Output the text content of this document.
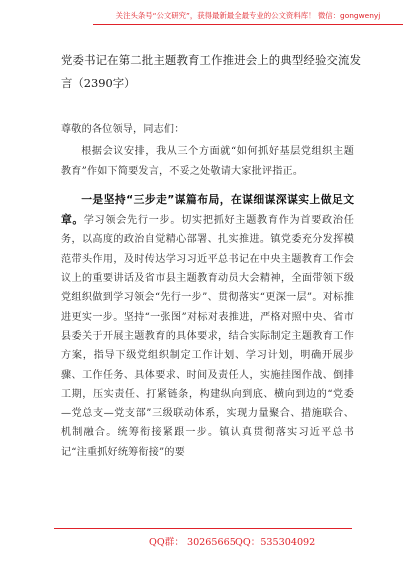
关注头条号“公文研究”，获得最新最全最专业的公文资料库！ 微信：gongwenyj
党委书记在第二批主题教育工作推进会上的典型经验交流发言（2390字）

尊敬的各位领导，同志们：

根据会议安排，我从三个方面就“如何抓好基层党组织主题教育”作如下简要发言，不妥之处敬请大家批评指正。

一是坚持“三步走”谋篇布局，在谋细谋深谋实上做足文章。学习领会先行一步。切实把抓好主题教育作为首要政治任务，以高度的政治自觉精心部署、扎实推进。镇党委充分发挥模范带头作用，及时传达学习习近平总书记在中央主题教育工作会议上的重要讲话及省市县主题教育动员大会精神，全面带领下级党组织做到学习领会“先行一步”、贯彻落实“更深一层”。对标推进更实一步。坚持“一张图”对标对表推进，严格对照中央、省市县委关于开展主题教育的具体要求，结合实际制定主题教育工作方案，指导下级党组织制定工作计划、学习计划，明确开展步骤、工作任务、具体要求、时间及责任人，实施挂图作战、倒排工期，压实责任、打紧链条，构建纵向到底、横向到边的“党委—党总支—党支部”三级联动体系，实现力量聚合、措施联合、机制融合。统筹衔接紧跟一步。镇认真贯彻落实习近平总书记“注重抓好统筹衔接”的要

QQ群： 30265665 QQ：535304092
